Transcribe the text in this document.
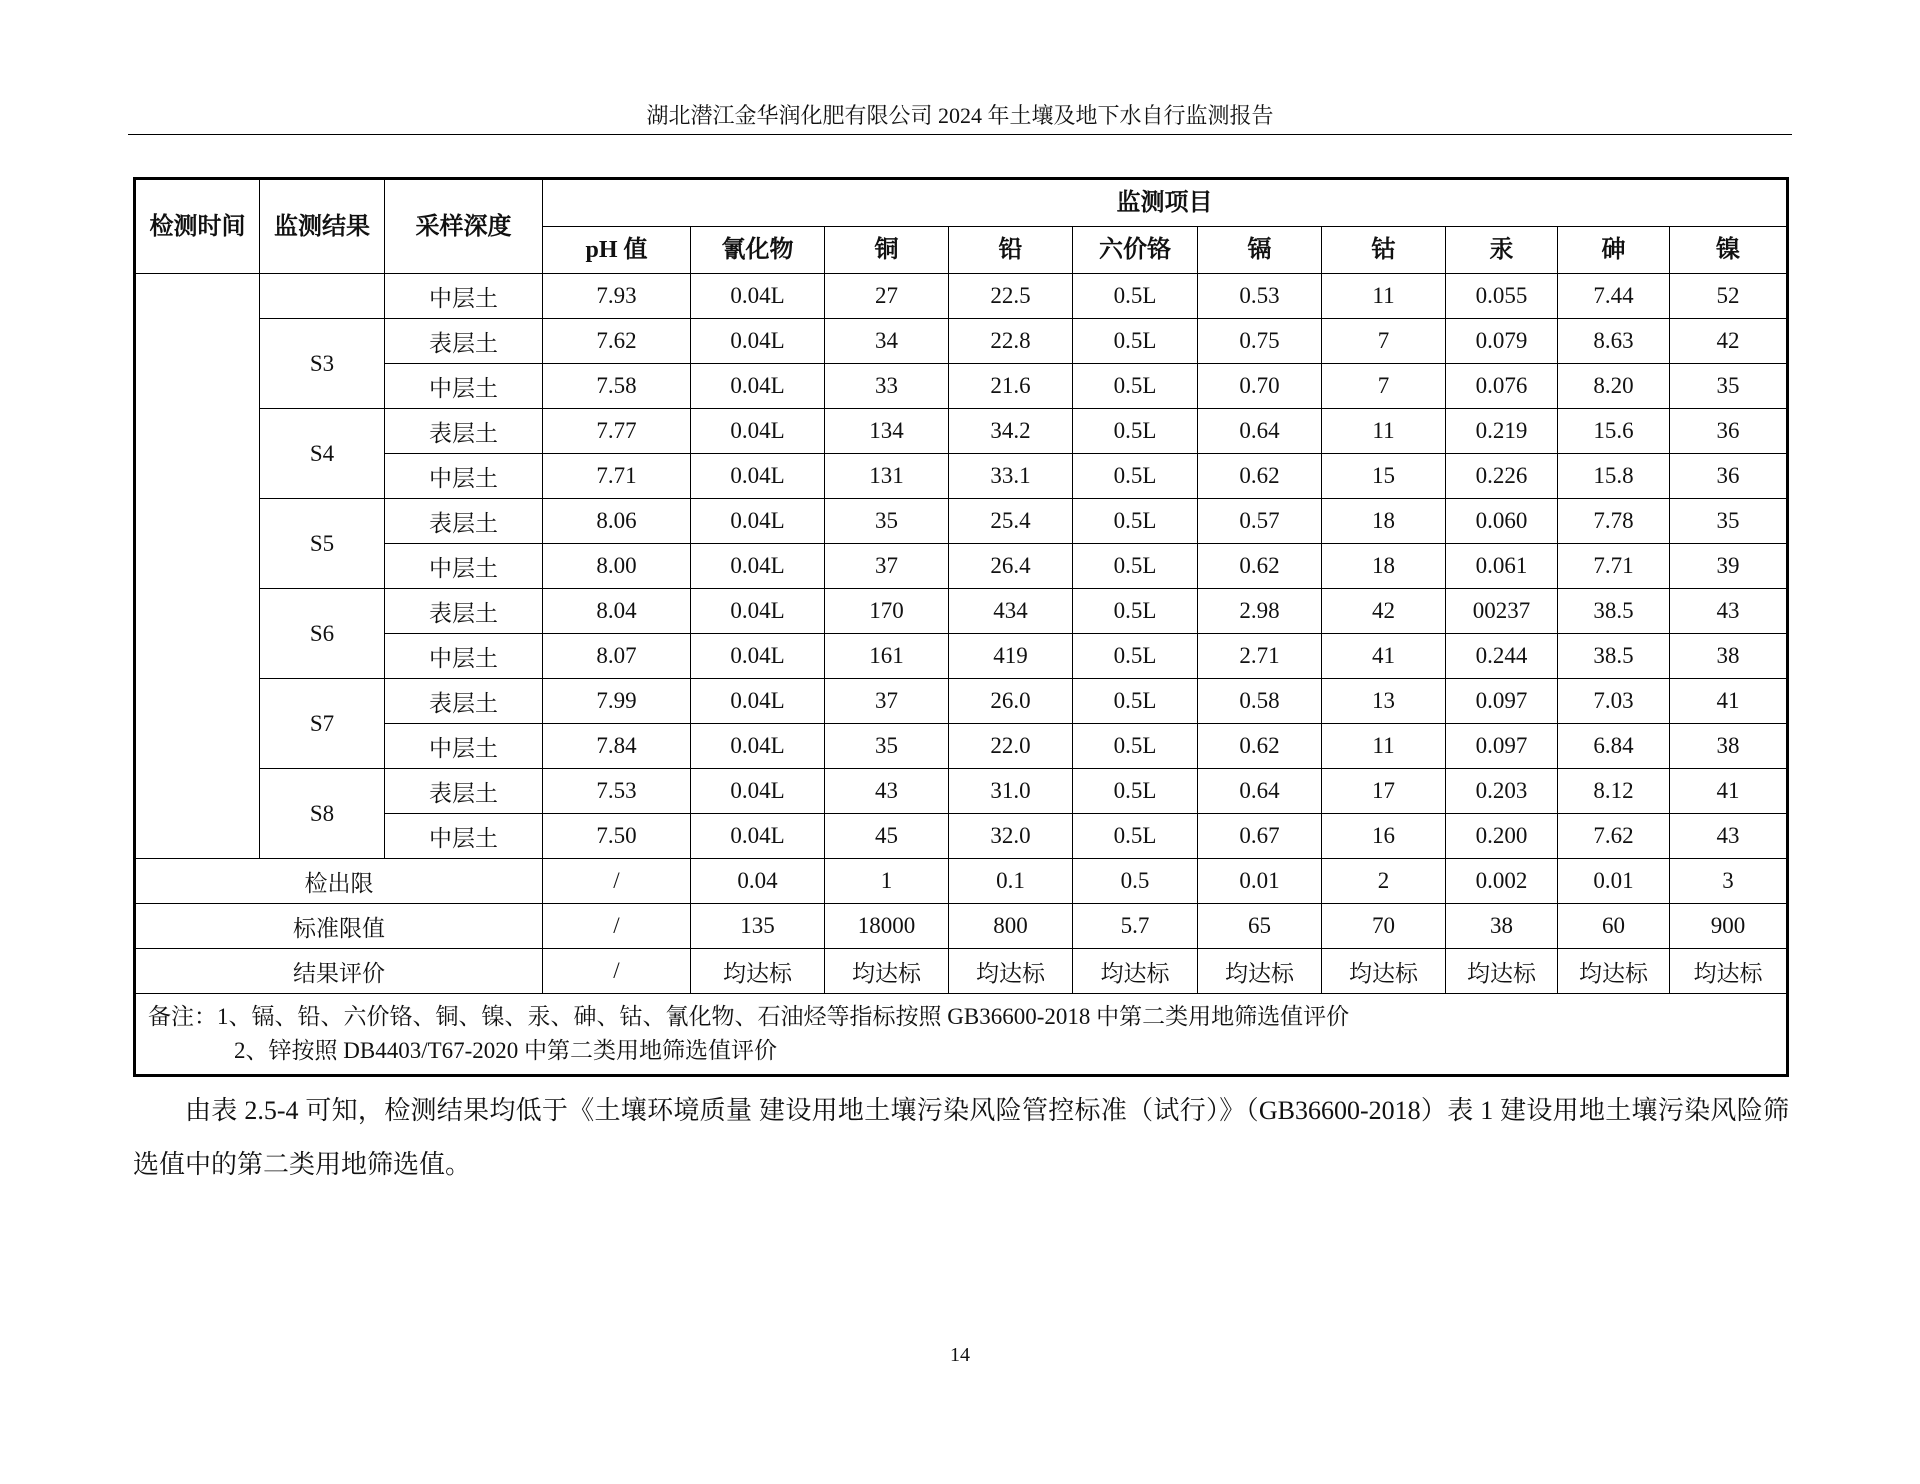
湖北潜江金华润化肥有限公司 2024 年土壤及地下水自行监测报告
检测时间	监测结果	采样深度	监测项目									
			pH 值	氰化物	铜	铅	六价铬	镉	钴	汞	砷	镍
		中层土	7.93	0.04L	27	22.5	0.5L	0.53	11	0.055	7.44	52
	S3	表层土	7.62	0.04L	34	22.8	0.5L	0.75	7	0.079	8.63	42
		中层土	7.58	0.04L	33	21.6	0.5L	0.70	7	0.076	8.20	35
	S4	表层土	7.77	0.04L	134	34.2	0.5L	0.64	11	0.219	15.6	36
		中层土	7.71	0.04L	131	33.1	0.5L	0.62	15	0.226	15.8	36
	S5	表层土	8.06	0.04L	35	25.4	0.5L	0.57	18	0.060	7.78	35
		中层土	8.00	0.04L	37	26.4	0.5L	0.62	18	0.061	7.71	39
	S6	表层土	8.04	0.04L	170	434	0.5L	2.98	42	00237	38.5	43
		中层土	8.07	0.04L	161	419	0.5L	2.71	41	0.244	38.5	38
	S7	表层土	7.99	0.04L	37	26.0	0.5L	0.58	13	0.097	7.03	41
		中层土	7.84	0.04L	35	22.0	0.5L	0.62	11	0.097	6.84	38
	S8	表层土	7.53	0.04L	43	31.0	0.5L	0.64	17	0.203	8.12	41
		中层土	7.50	0.04L	45	32.0	0.5L	0.67	16	0.200	7.62	43
检出限			/	0.04	1	0.1	0.5	0.01	2	0.002	0.01	3
标准限值			/	135	18000	800	5.7	65	70	38	60	900
结果评价			/	均达标	均达标	均达标	均达标	均达标	均达标	均达标	均达标	均达标

备注：1、镉、铅、六价铬、铜、镍、汞、砷、钴、氰化物、石油烃等指标按照 GB36600-2018 中第二类用地筛选值评价
2、锌按照 DB4403/T67-2020 中第二类用地筛选值评价												
由表 2.5-4 可知，检测结果均低于《土壤环境质量 建设用地土壤污染风险管控标准（试行）》（GB36600-2018）表 1 建设用地土壤污染风险筛选值中的第二类用地筛选值。
14
